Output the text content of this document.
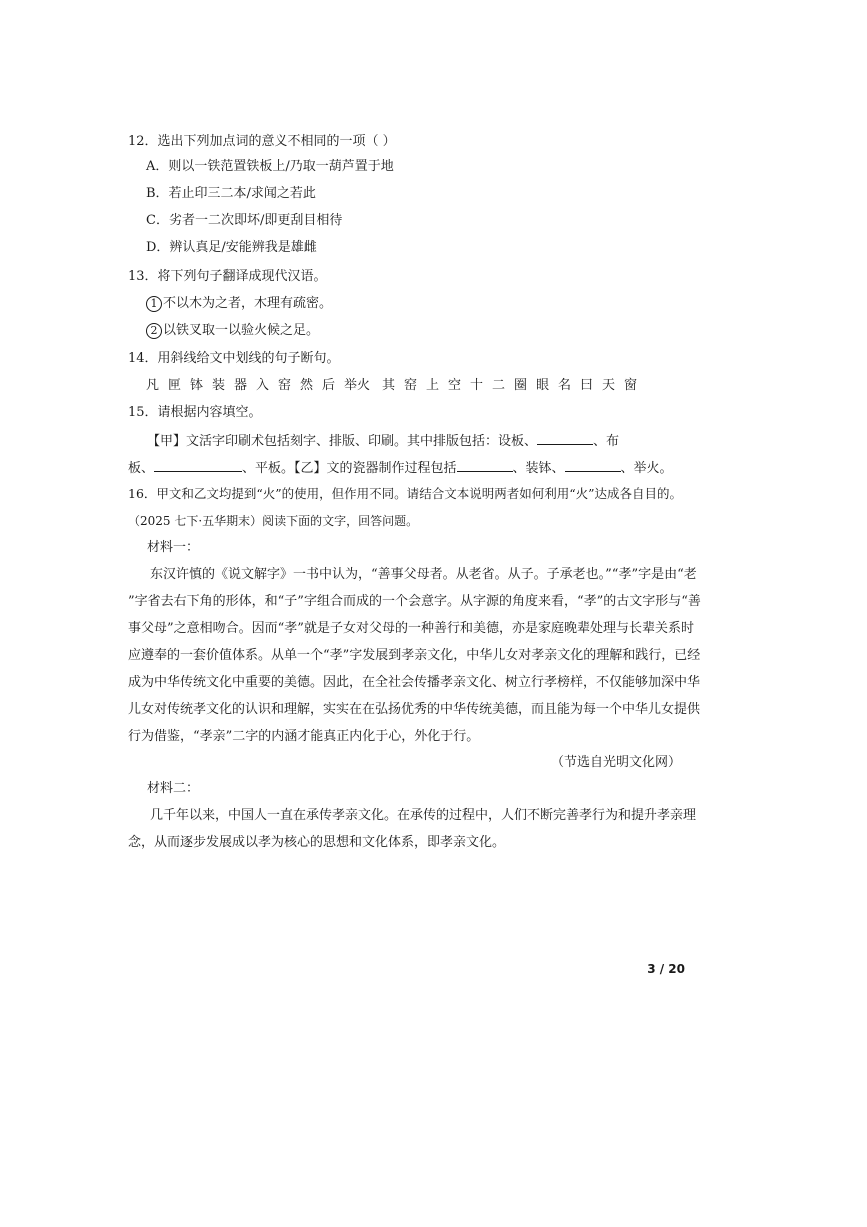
12．选出下列加点词的意义不相同的一项（ ）
A．则以一铁范置铁板上/乃取一葫芦置于地
B．若止印三二本/求闻之若此
C．劣者一二次即坏/即更刮目相待
D．辨认真足/安能辨我是雄雌
13．将下列句子翻译成现代汉语。
1 不以木为之者，木理有疏密。
2 以铁叉取一以验火候之足。
14．用斜线给文中划线的句子断句。
凡 匣 钵 装 器 入 窑 然 后 举火 其 窑 上 空 十 二 圈 眼 名 曰 天 窗
15．请根据内容填空。
【甲】文活字印刷术包括刻字、排版、印刷。其中排版包括：设板、	、布
板、	、平板。【乙】文的瓷器制作过程包括	、装钵、	、举火。
16．甲文和乙文均提到“火”的使用，但作用不同。请结合文本说明两者如何利用“火”达成各自目的。
（2025 七下·五华期末）阅读下面的文字，回答问题。
材料一：
东汉许慎的《说文解字》一书中认为，“善事父母者。从老省。从子。子承老也。”“孝”字是由“老
”字省去右下角的形体，和“子”字组合而成的一个会意字。从字源的角度来看，“孝”的古文字形与“善
事父母”之意相吻合。因而“孝”就是子女对父母的一种善行和美德，亦是家庭晚辈处理与长辈关系时
应遵奉的一套价值体系。从单一个“孝”字发展到孝亲文化，中华儿女对孝亲文化的理解和践行，已经
成为中华传统文化中重要的美德。因此，在全社会传播孝亲文化、树立行孝榜样，不仅能够加深中华
儿女对传统孝文化的认识和理解，实实在在弘扬优秀的中华传统美德，而且能为每一个中华儿女提供
行为借鉴，“孝亲”二字的内涵才能真正内化于心，外化于行。
（节选自光明文化网）
材料二：
几千年以来，中国人一直在承传孝亲文化。在承传的过程中，人们不断完善孝行为和提升孝亲理
念，从而逐步发展成以孝为核心的思想和文化体系，即孝亲文化。
3 / 20
